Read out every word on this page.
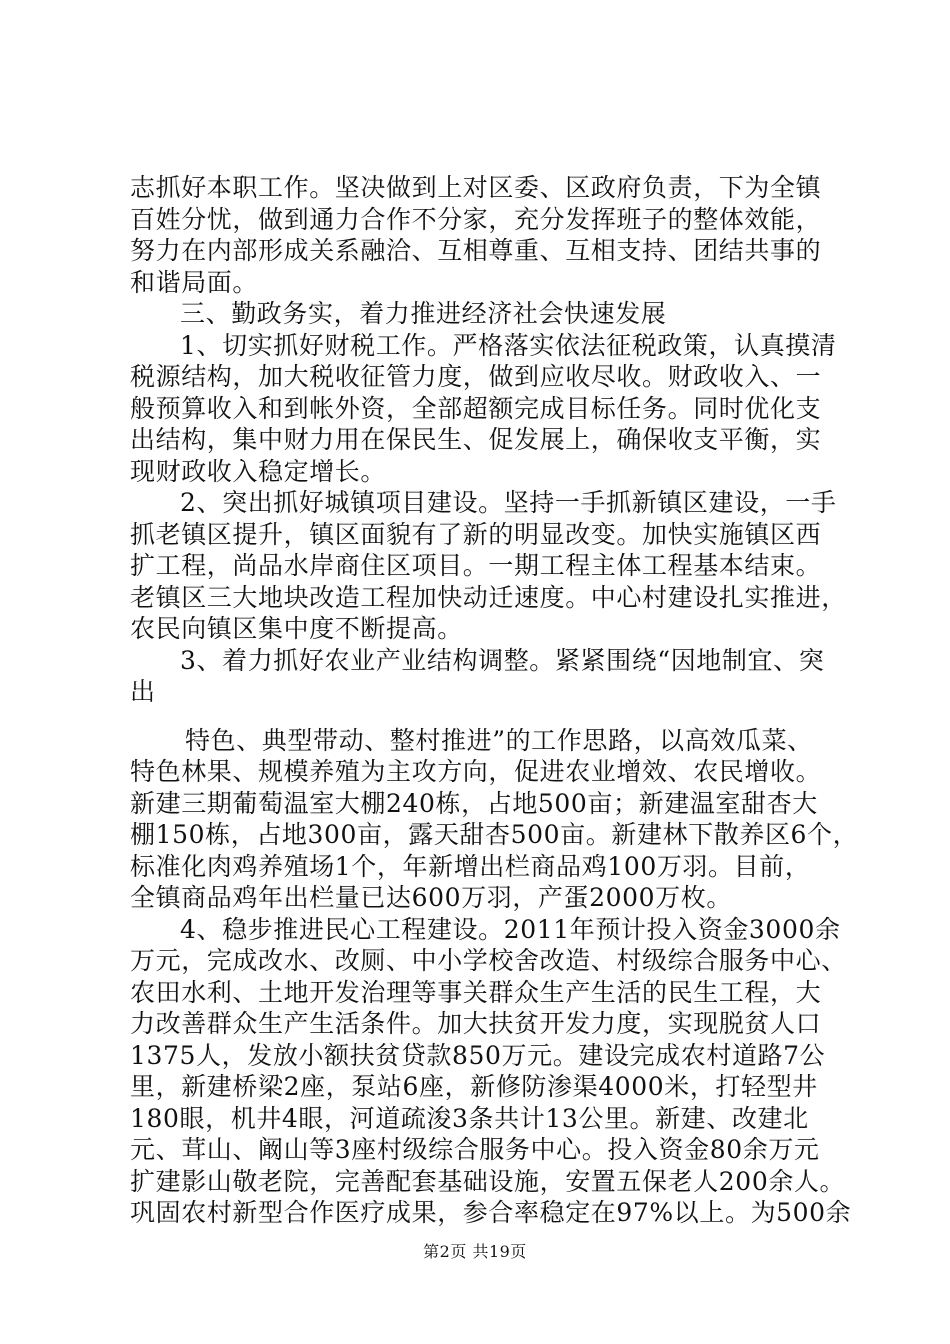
志抓好本职工作。坚决做到上对区委、区政府负责，下为全镇
百姓分忧，做到通力合作不分家，充分发挥班子的整体效能，
努力在内部形成关系融洽、互相尊重、互相支持、团结共事的
和谐局面。
三、勤政务实，着力推进经济社会快速发展
1、切实抓好财税工作。严格落实依法征税政策，认真摸清
税源结构，加大税收征管力度，做到应收尽收。财政收入、一
般预算收入和到帐外资，全部超额完成目标任务。同时优化支
出结构，集中财力用在保民生、促发展上，确保收支平衡，实
现财政收入稳定增长。
2、突出抓好城镇项目建设。坚持一手抓新镇区建设，一手
抓老镇区提升，镇区面貌有了新的明显改变。加快实施镇区西
扩工程，尚品水岸商住区项目。一期工程主体工程基本结束。
老镇区三大地块改造工程加快动迁速度。中心村建设扎实推进，
农民向镇区集中度不断提高。
3、着力抓好农业产业结构调整。紧紧围绕“因地制宜、突
出
特色、典型带动、整村推进”的工作思路，以高效瓜菜、
特色林果、规模养殖为主攻方向，促进农业增效、农民增收。
新建三期葡萄温室大棚240栋，占地500亩；新建温室甜杏大
棚150栋，占地300亩，露天甜杏500亩。新建林下散养区6个，
标准化肉鸡养殖场1个，年新增出栏商品鸡100万羽。目前，
全镇商品鸡年出栏量已达600万羽，产蛋2000万枚。
4、稳步推进民心工程建设。2011年预计投入资金3000余
万元，完成改水、改厕、中小学校舍改造、村级综合服务中心、
农田水利、土地开发治理等事关群众生产生活的民生工程，大
力改善群众生产生活条件。加大扶贫开发力度，实现脱贫人口
1375人，发放小额扶贫贷款850万元。建设完成农村道路7公
里，新建桥梁2座，泵站6座，新修防渗渠4000米，打轻型井
180眼，机井4眼，河道疏浚3条共计13公里。新建、改建北
元、茸山、阚山等3座村级综合服务中心。投入资金80余万元
扩建影山敬老院，完善配套基础设施，安置五保老人200余人。
巩固农村新型合作医疗成果，参合率稳定在97%以上。为500余
第2页 共19页
